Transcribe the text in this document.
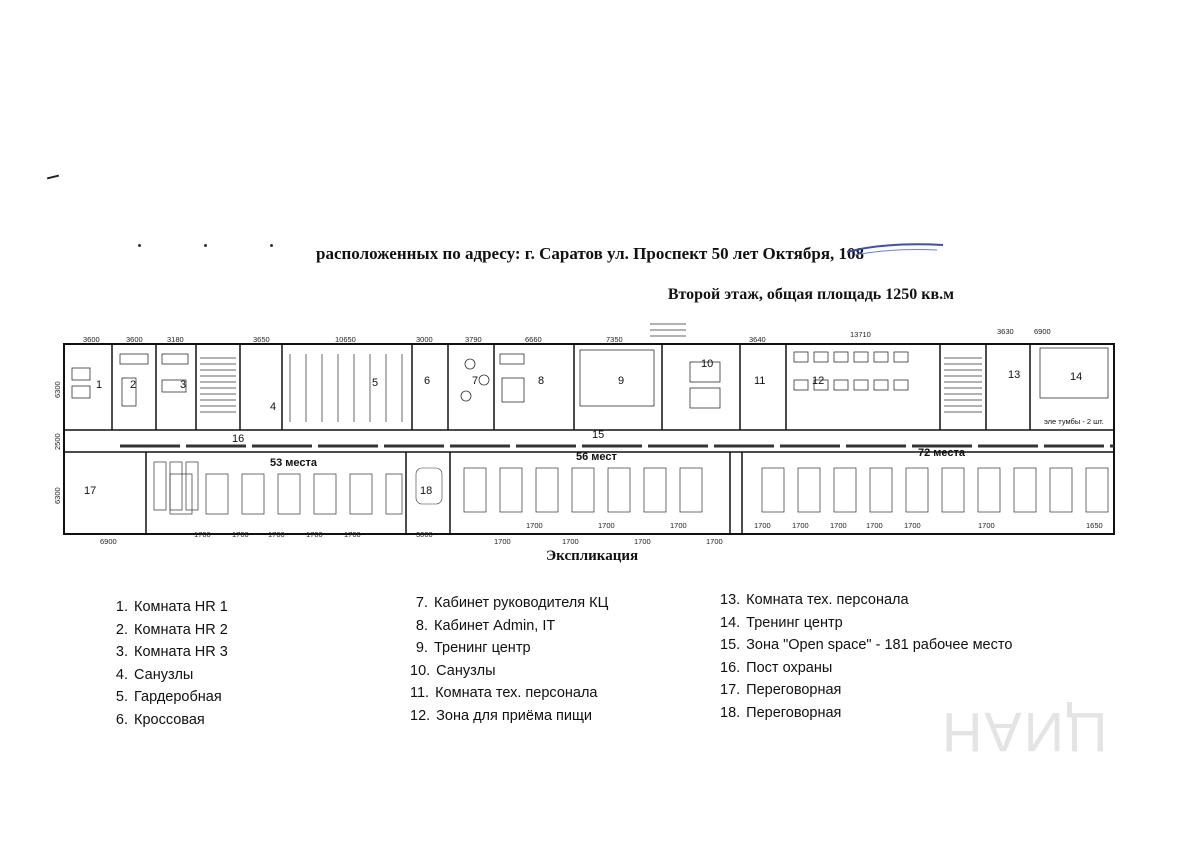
расположенных по адресу: г. Саратов ул. Проспект 50 лет Октября, 108
Второй этаж, общая площадь 1250 кв.м
3600	3600	3180	3650	10650	3000	3790	6660	7350	3640
13710	3630	6900
6300
2500
6300
6900
1700	1700	1700	1700	1700	3000
1700
1700
1700
1700
1700
1700
1700
1700	1700	1700	1700	1700	1700	1650
1	2	3
4
5	6	7	8	9
10
11	12	13	14
15
16
17	18
53 места	56 мест	72 места
эле тумбы - 2 шт.
Экспликация
1. Комната HR 1
2. Комната HR 2
3. Комната HR 3
4. Санузлы
5. Гардеробная
6. Кроссовая
7. Кабинет руководителя КЦ
8. Кабинет Admin, IT
9. Тренинг центр
10. Санузлы
11. Комната тех. персонала
12. Зона для приёма пищи
13. Комната тех. персонала
14. Тренинг центр
15. Зона "Open space" - 181 рабочее место
16. Пост охраны
17. Переговорная
18. Переговорная	ЦИАН
